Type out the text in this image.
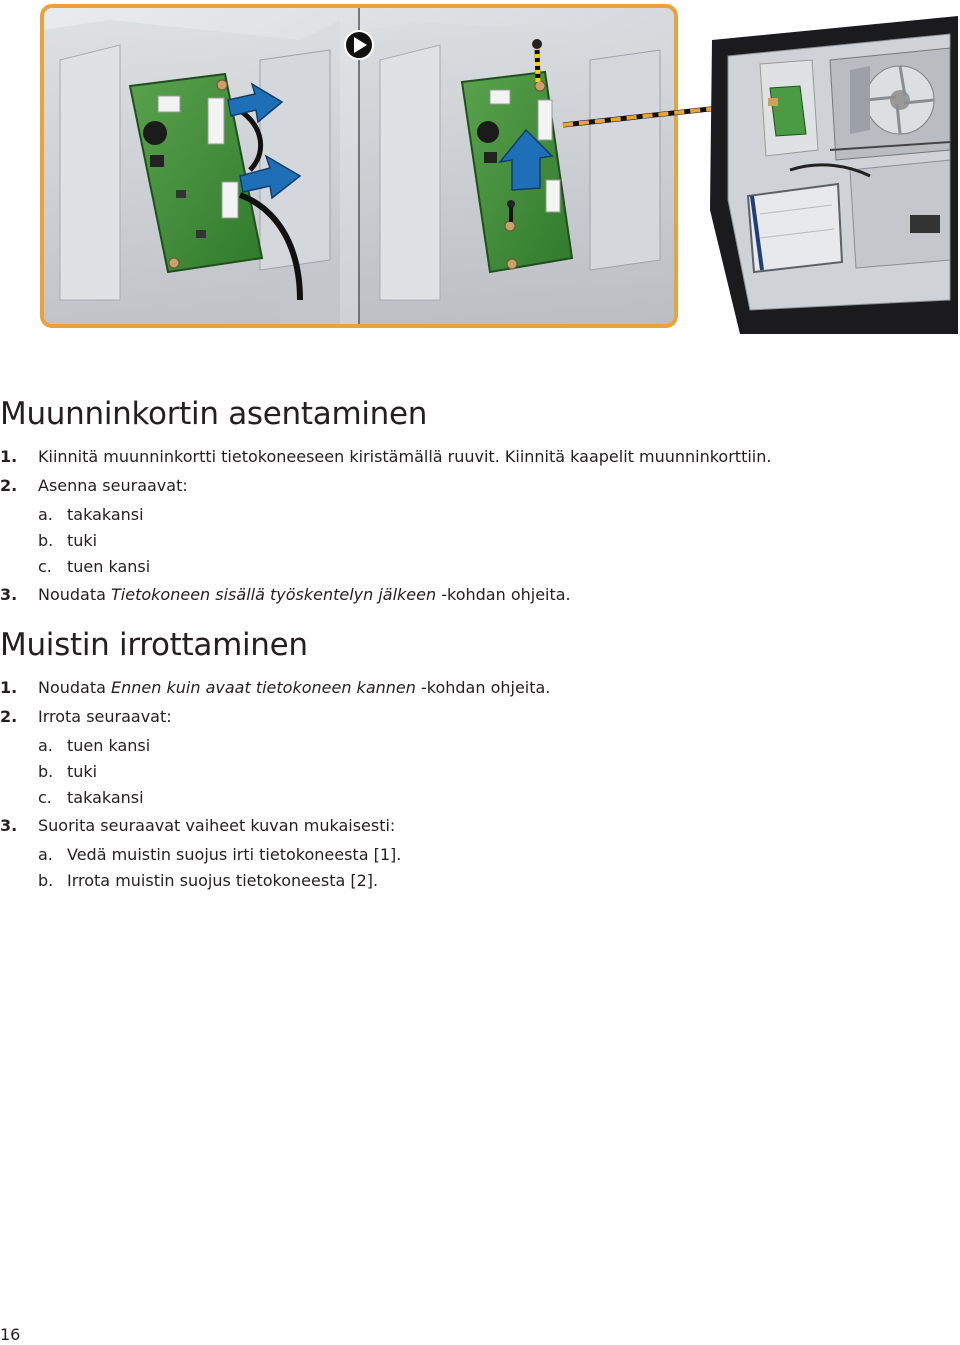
Muunninkortin asentaminen
1. Kiinnitä muunninkortti tietokoneeseen kiristämällä ruuvit. Kiinnitä kaapelit muunninkorttiin.
2. Asenna seuraavat:
a. takakansi
b. tuki
c. tuen kansi
3. Noudata Tietokoneen sisällä työskentelyn jälkeen -kohdan ohjeita.
Muistin irrottaminen
1. Noudata Ennen kuin avaat tietokoneen kannen -kohdan ohjeita.
2. Irrota seuraavat:
a. tuen kansi
b. tuki
c. takakansi
3. Suorita seuraavat vaiheet kuvan mukaisesti:
a. Vedä muistin suojus irti tietokoneesta [1].
b. Irrota muistin suojus tietokoneesta [2].
16
